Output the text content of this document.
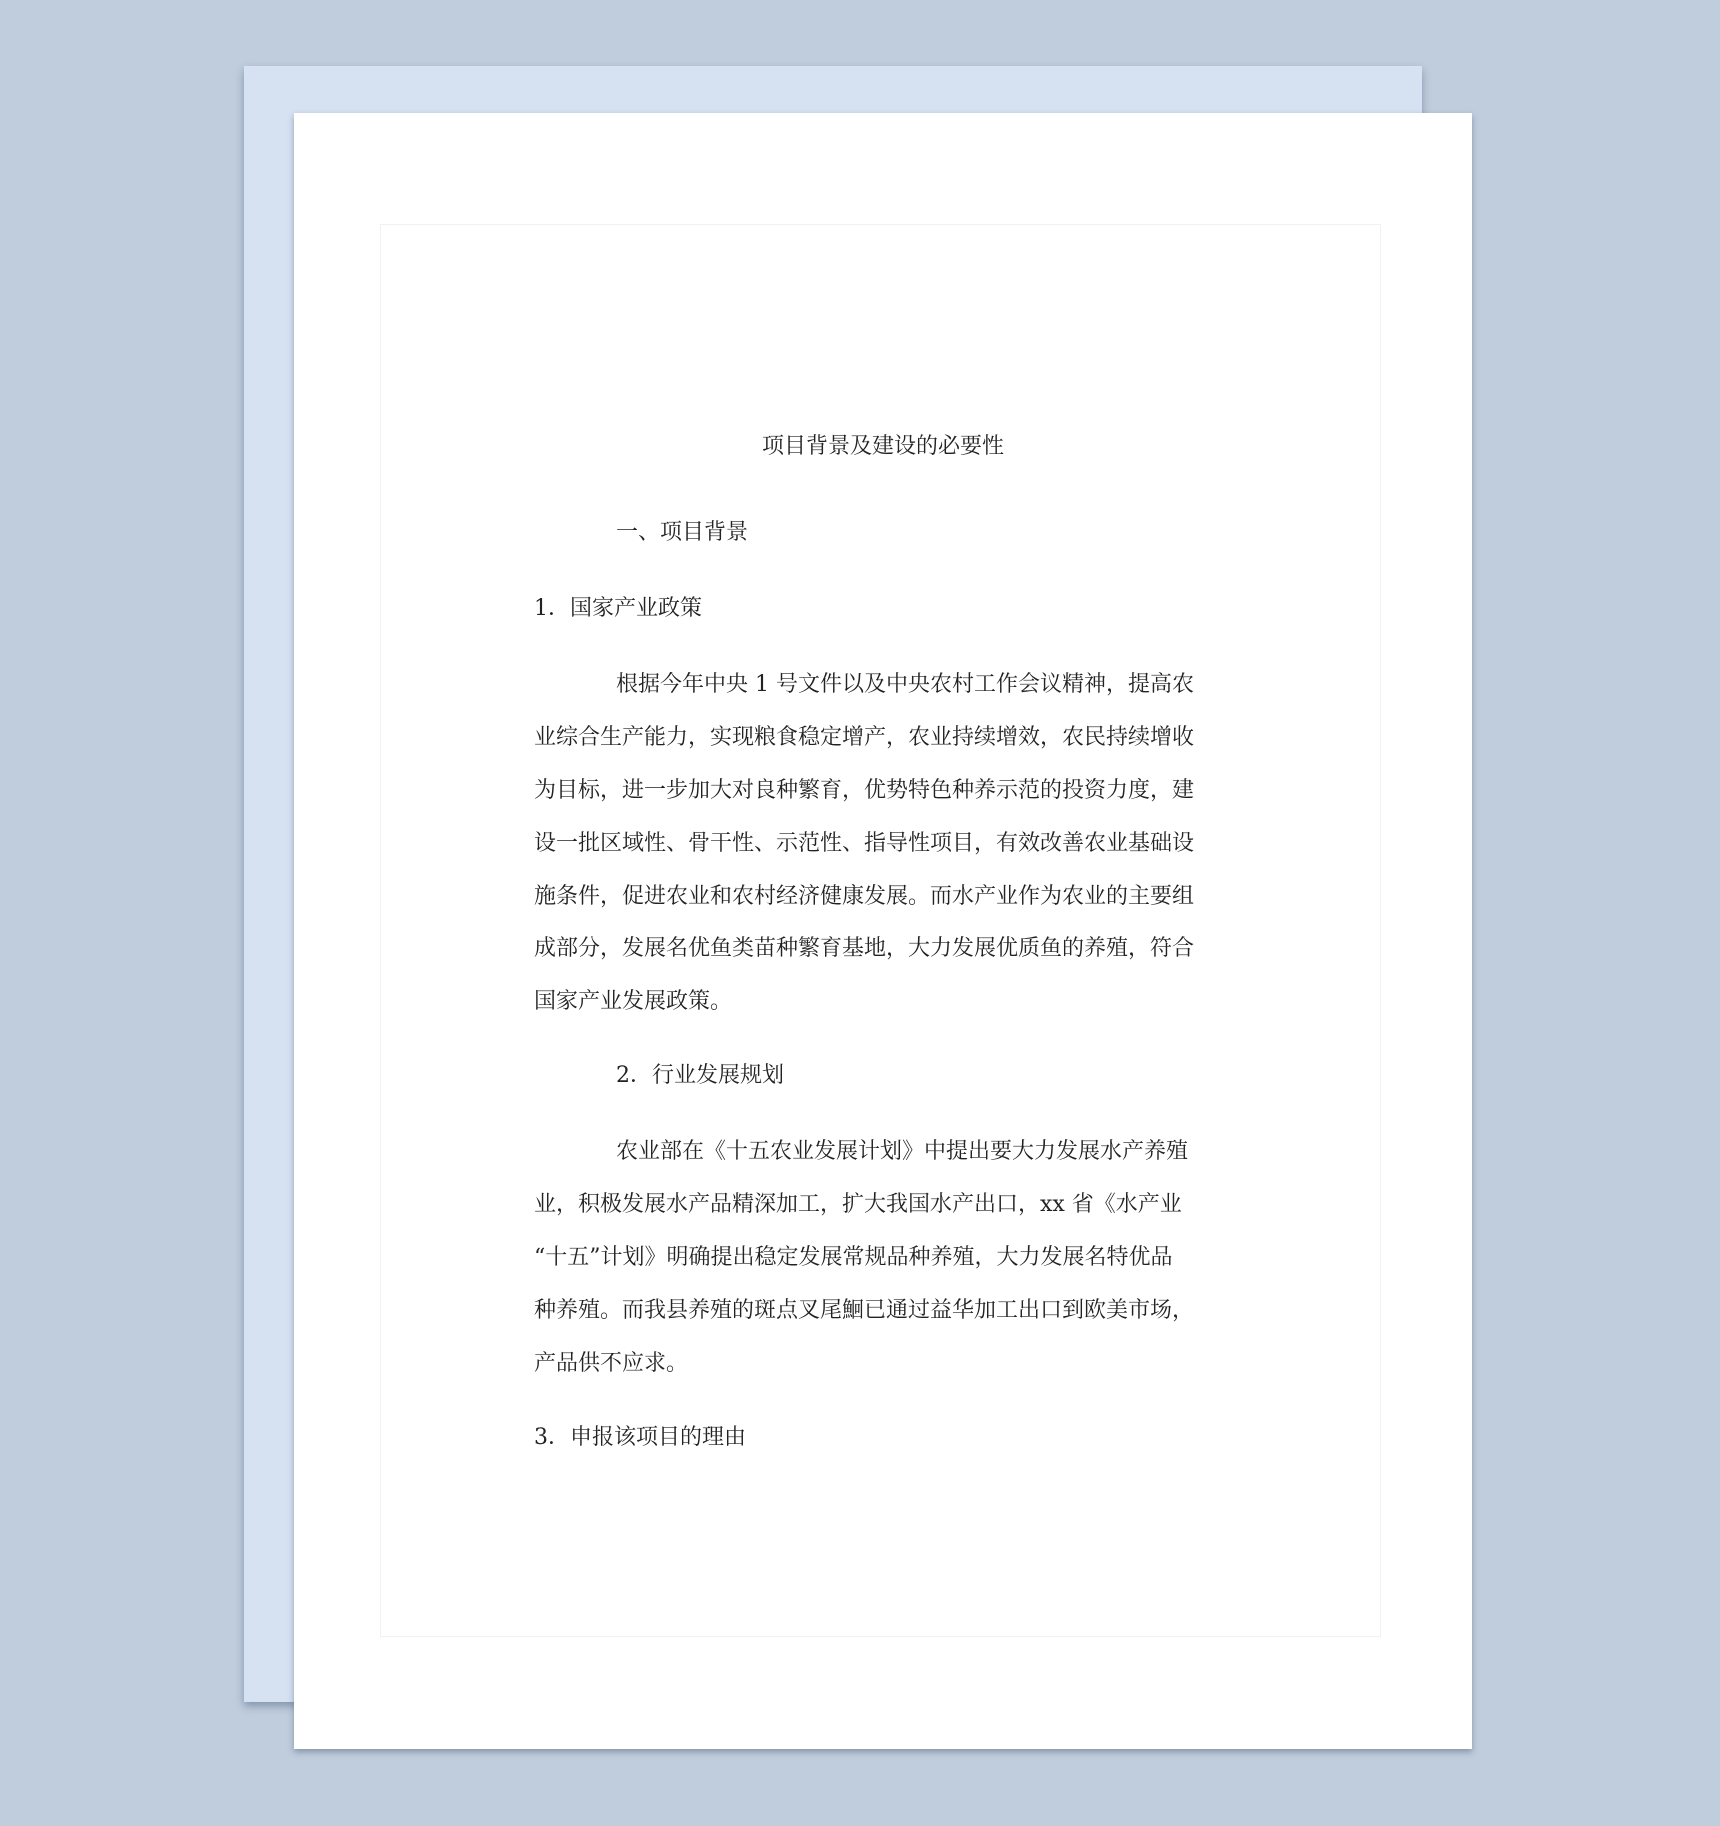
项目背景及建设的必要性

一、项目背景

1．国家产业政策

根据今年中央 1 号文件以及中央农村工作会议精神，提高农

业综合生产能力，实现粮食稳定增产，农业持续增效，农民持续增收

为目标，进一步加大对良种繁育，优势特色种养示范的投资力度，建

设一批区域性、骨干性、示范性、指导性项目，有效改善农业基础设

施条件，促进农业和农村经济健康发展。而水产业作为农业的主要组

成部分，发展名优鱼类苗种繁育基地，大力发展优质鱼的养殖，符合

国家产业发展政策。

2．行业发展规划

农业部在《十五农业发展计划》中提出要大力发展水产养殖

业，积极发展水产品精深加工，扩大我国水产出口，xx 省《水产业

“十五”计划》明确提出稳定发展常规品种养殖，大力发展名特优品

种养殖。而我县养殖的斑点叉尾鮰已通过益华加工出口到欧美市场，

产品供不应求。

3．申报该项目的理由
